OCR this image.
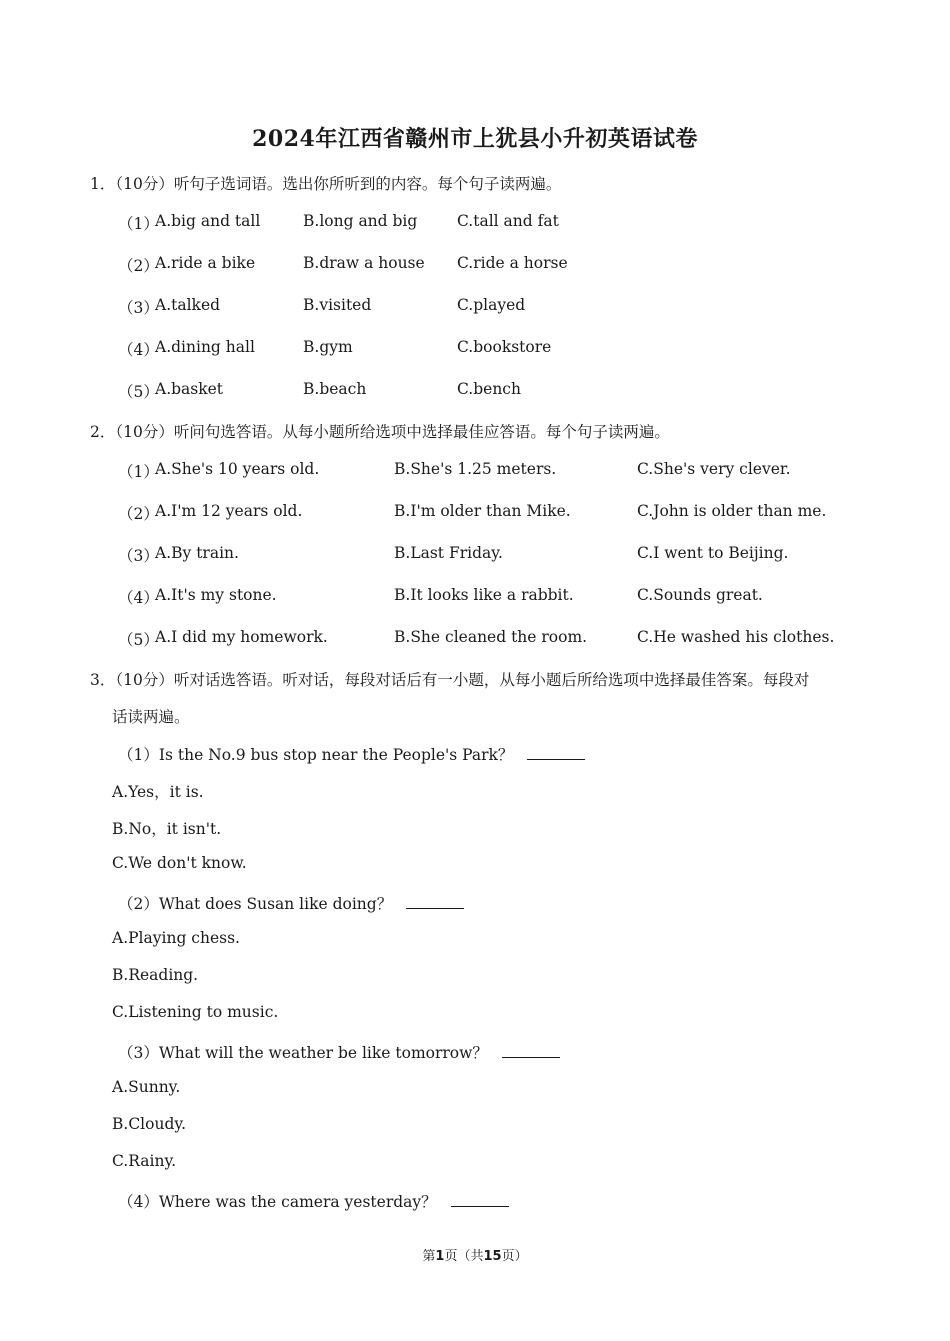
2024年江西省赣州市上犹县小升初英语试卷
1．（10分）听句子选词语。选出你所听到的内容。每个句子读两遍。
（1）
A.big and tall	B.long and big	C.tall and fat
（2）
A.ride a bike	B.draw a house C.ride a horse
（3）
A.talked	B.visited	C.played
（4）
A.dining hall	B.gym	C.bookstore
（5）
A.basket	B.beach	C.bench
2．（10分）听问句选答语。从每小题所给选项中选择最佳应答语。每个句子读两遍。
（1）
A.She's 10 years old.	B.She's 1.25 meters.	C.She's very clever.
（2）
A.I'm 12 years old.	B.I'm older than Mike.	C.John is older than me.
（3）
A.By train.	B.Last Friday.	C.I went to Beijing.
（4）
A.It's my stone.	B.It looks like a rabbit.	C.Sounds great.
（5）
A.I did my homework.	B.She cleaned the room.	C.He washed his clothes.
3．（10分）听对话选答语。听对话，每段对话后有一小题，从每小题后所给选项中选择最佳答案。每段对
话读两遍。
（1）Is the No.9 bus stop near the People's Park？
A.Yes，it is.
B.No，it isn't.
C.We don't know.
（2）What does Susan like doing？
A.Playing chess.
B.Reading.
C.Listening to music.
（3）What will the weather be like tomorrow？
A.Sunny.
B.Cloudy.
C.Rainy.
（4）Where was the camera yesterday？
第1页（共15页）
